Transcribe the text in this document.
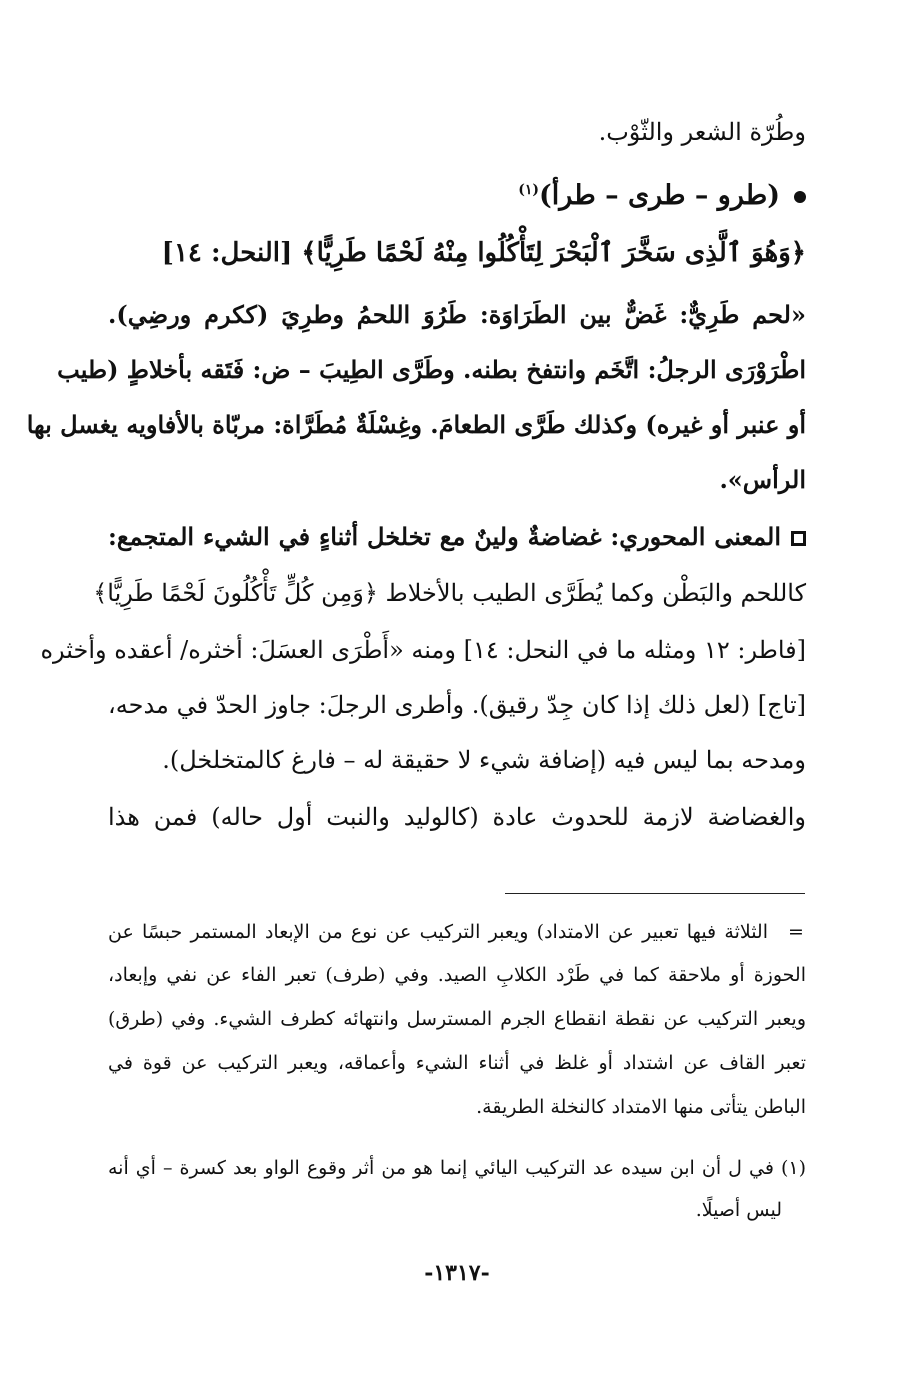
وطُرّة الشعر والثّوْب.
(طرو – طرى – طرأ)$^{(١)}$
﴿وَهُوَ ٱلَّذِى سَخَّرَ ٱلْبَحْرَ لِتَأْكُلُوا مِنْهُ لَحْمًا طَرِيًّا﴾ [النحل: ١٤]
«لحم طَرِيٌّ: غَضٌّ بين الطَرَاوَة: طَرُوَ اللحمُ وطرِيَ (ككرم ورضِي).
اطْرَوْرَى الرجلُ: اتَّخَم وانتفخ بطنه. وطَرَّى الطِيبَ – ض: فَتَقه بأخلاطٍ (طيب
أو عنبر أو غيره) وكذلك طَرَّى الطعامَ. وغِسْلَةٌ مُطَرَّاة: مربّاة بالأفاويه يغسل بها
الرأس».
المعنى المحوري: غضاضةٌ ولينٌ مع تخلخل أثناءٍ في الشيء المتجمع:
كاللحم والبَطْن وكما يُطَرَّى الطيب بالأخلاط ﴿وَمِن كُلٍّ تَأْكُلُونَ لَحْمًا طَرِيًّا﴾
[فاطر: ١٢ ومثله ما في النحل: ١٤] ومنه «أَطْرَى العسَلَ: أخثره/ أعقده وأخثره
[تاج] (لعل ذلك إذا كان جِدّ رقيق). وأطرى الرجلَ: جاوز الحدّ في مدحه،
ومدحه بما ليس فيه (إضافة شيء لا حقيقة له – فارغ كالمتخلخل).
والغضاضة لازمة للحدوث عادة (كالوليد والنبت أول حاله) فمن هذا
=
الثلاثة فيها تعبير عن الامتداد) ويعبر التركيب عن نوع من الإبعاد المستمر حبسًا عن
الحوزة أو ملاحقة كما في طَرْد الكلابِ الصيد. وفي (طرف) تعبر الفاء عن نفي وإبعاد،
ويعبر التركيب عن نقطة انقطاع الجرم المسترسل وانتهائه كطرف الشيء. وفي (طرق)
تعبر القاف عن اشتداد أو غلظ في أثناء الشيء وأعماقه، ويعبر التركيب عن قوة في
الباطن يتأتى منها الامتداد كالنخلة الطريقة.
(١) في ل أن ابن سيده عد التركيب اليائي إنما هو من أثر وقوع الواو بعد كسرة – أي أنه
ليس أصيلًا.
-١٣١٧-
